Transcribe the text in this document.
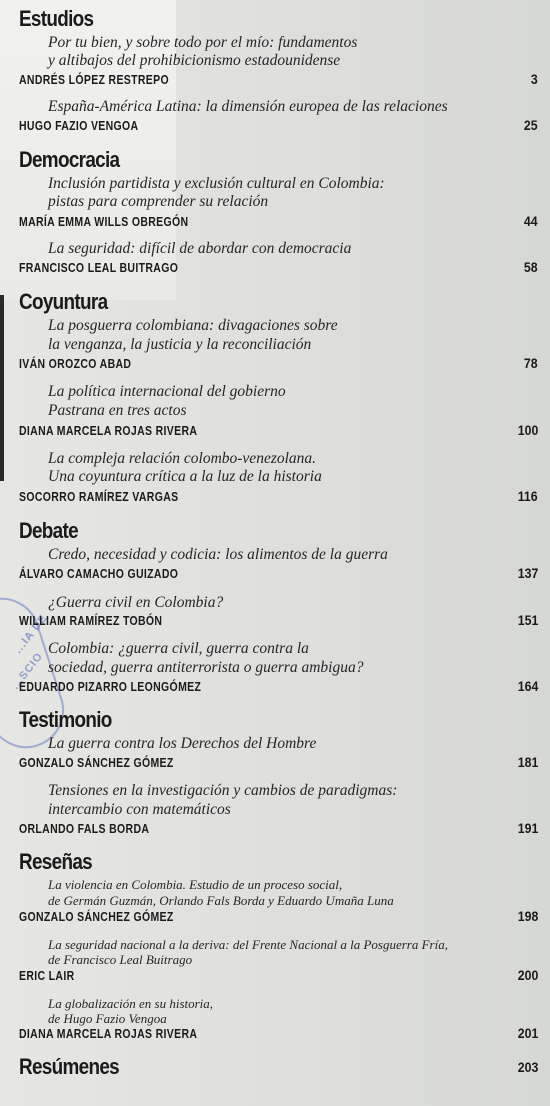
...IA DE
...SCIO
Estudios
Por tu bien, y sobre todo por el mío: fundamentos
y altibajos del prohibicionismo estadounidense
ANDRÉS LÓPEZ RESTREPO	3
España-América Latina: la dimensión europea de las relaciones
HUGO FAZIO VENGOA	25
Democracia
Inclusión partidista y exclusión cultural en Colombia:
pistas para comprender su relación
MARÍA EMMA WILLS OBREGÓN	44
La seguridad: difícil de abordar con democracia
FRANCISCO LEAL BUITRAGO	58
Coyuntura
La posguerra colombiana: divagaciones sobre
la venganza, la justicia y la reconciliación
IVÁN OROZCO ABAD	78
La política internacional del gobierno
Pastrana en tres actos
DIANA MARCELA ROJAS RIVERA	100
La compleja relación colombo-venezolana.
Una coyuntura crítica a la luz de la historia
SOCORRO RAMÍREZ VARGAS	116
Debate
Credo, necesidad y codicia: los alimentos de la guerra
ÁLVARO CAMACHO GUIZADO	137
¿Guerra civil en Colombia?
WILLIAM RAMÍREZ TOBÓN	151
Colombia: ¿guerra civil, guerra contra la
sociedad, guerra antiterrorista o guerra ambigua?
EDUARDO PIZARRO LEONGÓMEZ	164
Testimonio
La guerra contra los Derechos del Hombre
GONZALO SÁNCHEZ GÓMEZ	181
Tensiones en la investigación y cambios de paradigmas:
intercambio con matemáticos
ORLANDO FALS BORDA	191
Reseñas
La violencia en Colombia. Estudio de un proceso social,
de Germán Guzmán, Orlando Fals Borda y Eduardo Umaña Luna
GONZALO SÁNCHEZ GÓMEZ	198
La seguridad nacional a la deriva: del Frente Nacional a la Posguerra Fría,
de Francisco Leal Buitrago
ERIC LAIR	200
La globalización en su historia,
de Hugo Fazio Vengoa
DIANA MARCELA ROJAS RIVERA	201
Resúmenes	203
